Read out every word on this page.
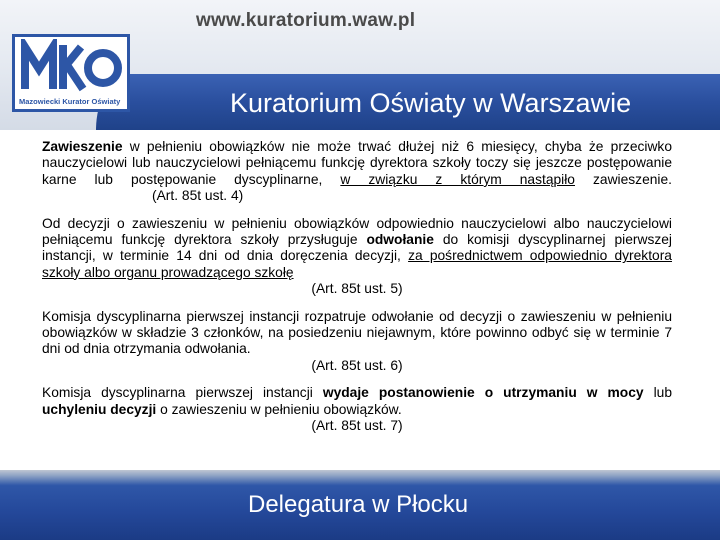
www.kuratorium.waw.pl
Kuratorium Oświaty w Warszawie
Mazowiecki Kurator Oświaty

Zawieszenie w pełnieniu obowiązków nie może trwać dłużej niż 6 miesięcy, chyba że przeciwko nauczycielowi lub nauczycielowi pełniącemu funkcję dyrektora szkoły toczy się jeszcze postępowanie karne lub postępowanie dyscyplinarne, w związku z którym nastąpiło zawieszenie.(Art. 85t ust. 4)

Od decyzji o zawieszeniu w pełnieniu obowiązków odpowiednio nauczycielowi albo nauczycielowi pełniącemu funkcję dyrektora szkoły przysługuje odwołanie do komisji dyscyplinarnej pierwszej instancji, w terminie 14 dni od dnia doręczenia decyzji, za pośrednictwem odpowiednio dyrektora szkoły albo organu prowadzącego szkołę
(Art. 85t ust. 5)

Komisja dyscyplinarna pierwszej instancji rozpatruje odwołanie od decyzji o zawieszeniu w pełnieniu obowiązków w składzie 3 członków, na posiedzeniu niejawnym, które powinno odbyć się w terminie 7 dni od dnia otrzymania odwołania.
(Art. 85t ust. 6)

Komisja dyscyplinarna pierwszej instancji wydaje postanowienie o utrzymaniu w mocy lub uchyleniu decyzji o zawieszeniu w pełnieniu obowiązków.
(Art. 85t ust. 7)

Delegatura w Płocku
